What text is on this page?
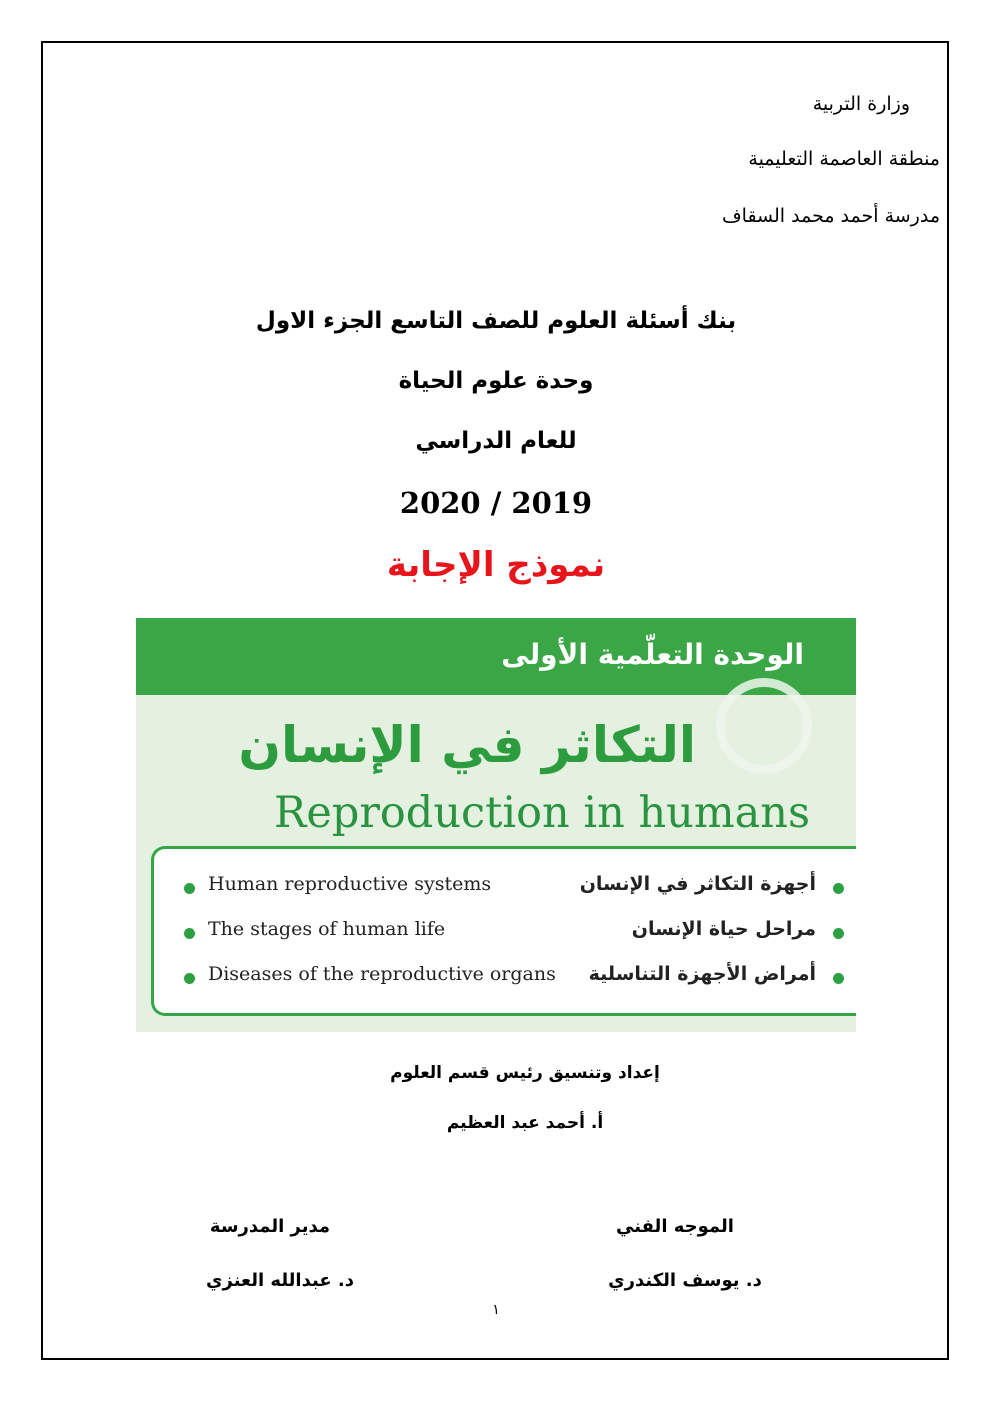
وزارة التربية
منطقة العاصمة التعليمية
مدرسة أحمد محمد السقاف
بنك أسئلة العلوم للصف التاسع الجزء الاول
وحدة علوم الحياة
للعام الدراسي
2020 / 2019
نموذج الإجابة
الوحدة التعلّمية الأولى
التكاثر في الإنسان
Reproduction in humans
Human reproductive systems
The stages of human life
Diseases of the reproductive organs
أجهزة التكاثر في الإنسان
مراحل حياة الإنسان
أمراض الأجهزة التناسلية
إعداد وتنسيق رئيس قسم العلوم
أ. أحمد عبد العظيم
الموجه الفني
د. يوسف الكندري
مدير المدرسة
د. عبدالله العنزي
١
